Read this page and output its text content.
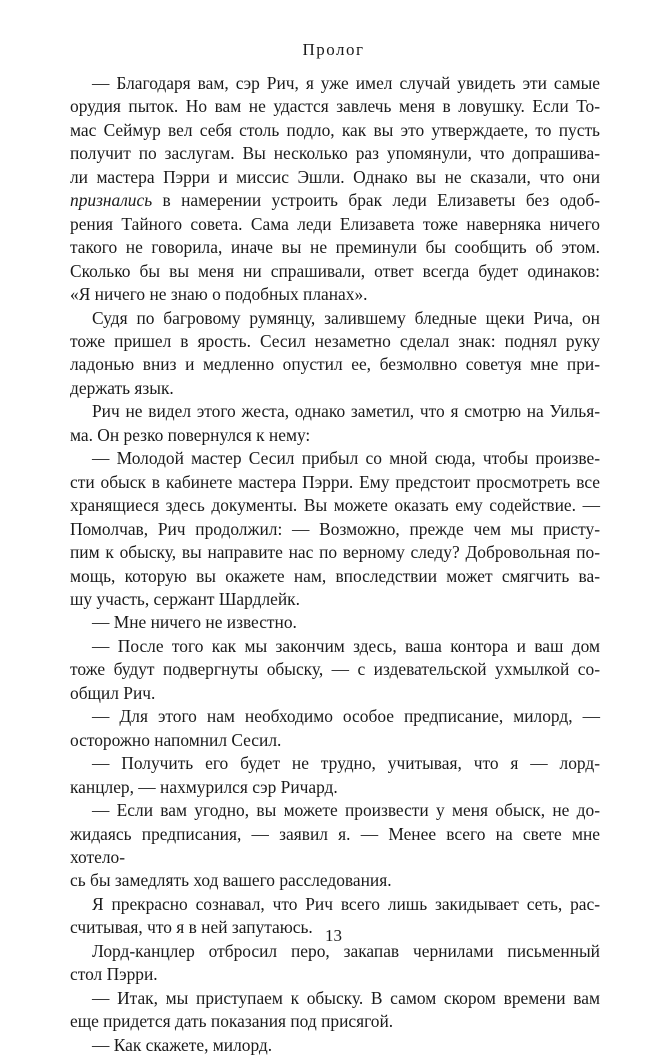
Пролог

— Благодаря вам, сэр Рич, я уже имел случай увидеть эти самые
орудия пыток. Но вам не удастся завлечь меня в ловушку. Если То-
мас Сеймур вел себя столь подло, как вы это утверждаете, то пусть
получит по заслугам. Вы несколько раз упомянули, что допрашива-
ли мастера Пэрри и миссис Эшли. Однако вы не сказали, что они
признались в намерении устроить брак леди Елизаветы без одоб-
рения Тайного совета. Сама леди Елизавета тоже наверняка ничего
такого не говорила, иначе вы не преминули бы сообщить об этом.
Сколько бы вы меня ни спрашивали, ответ всегда будет одинаков:
«Я ничего не знаю о подобных планах».

Судя по багровому румянцу, залившему бледные щеки Рича, он
тоже пришел в ярость. Сесил незаметно сделал знак: поднял руку
ладонью вниз и медленно опустил ее, безмолвно советуя мне при-
держать язык.

Рич не видел этого жеста, однако заметил, что я смотрю на Уилья-
ма. Он резко повернулся к нему:

— Молодой мастер Сесил прибыл со мной сюда, чтобы произве-
сти обыск в кабинете мастера Пэрри. Ему предстоит просмотреть все
хранящиеся здесь документы. Вы можете оказать ему содействие. —
Помолчав, Рич продолжил: — Возможно, прежде чем мы присту-
пим к обыску, вы направите нас по верному следу? Добровольная по-
мощь, которую вы окажете нам, впоследствии может смягчить ва-
шу участь, сержант Шардлейк.

— Мне ничего не известно.

— После того как мы закончим здесь, ваша контора и ваш дом
тоже будут подвергнуты обыску, — с издевательской ухмылкой со-
общил Рич.

— Для этого нам необходимо особое предписание, милорд, —
осторожно напомнил Сесил.

— Получить его будет не трудно, учитывая, что я — лорд-
канцлер, — нахмурился сэр Ричард.

— Если вам угодно, вы можете произвести у меня обыск, не до-
жидаясь предписания, — заявил я. — Менее всего на свете мне хотело-
сь бы замедлять ход вашего расследования.

Я прекрасно сознавал, что Рич всего лишь закидывает сеть, рас-
считывая, что я в ней запутаюсь.

Лорд-канцлер отбросил перо, закапав чернилами письменный
стол Пэрри.

— Итак, мы приступаем к обыску. В самом скором времени вам
еще придется дать показания под присягой.

— Как скажете, милорд.

13
